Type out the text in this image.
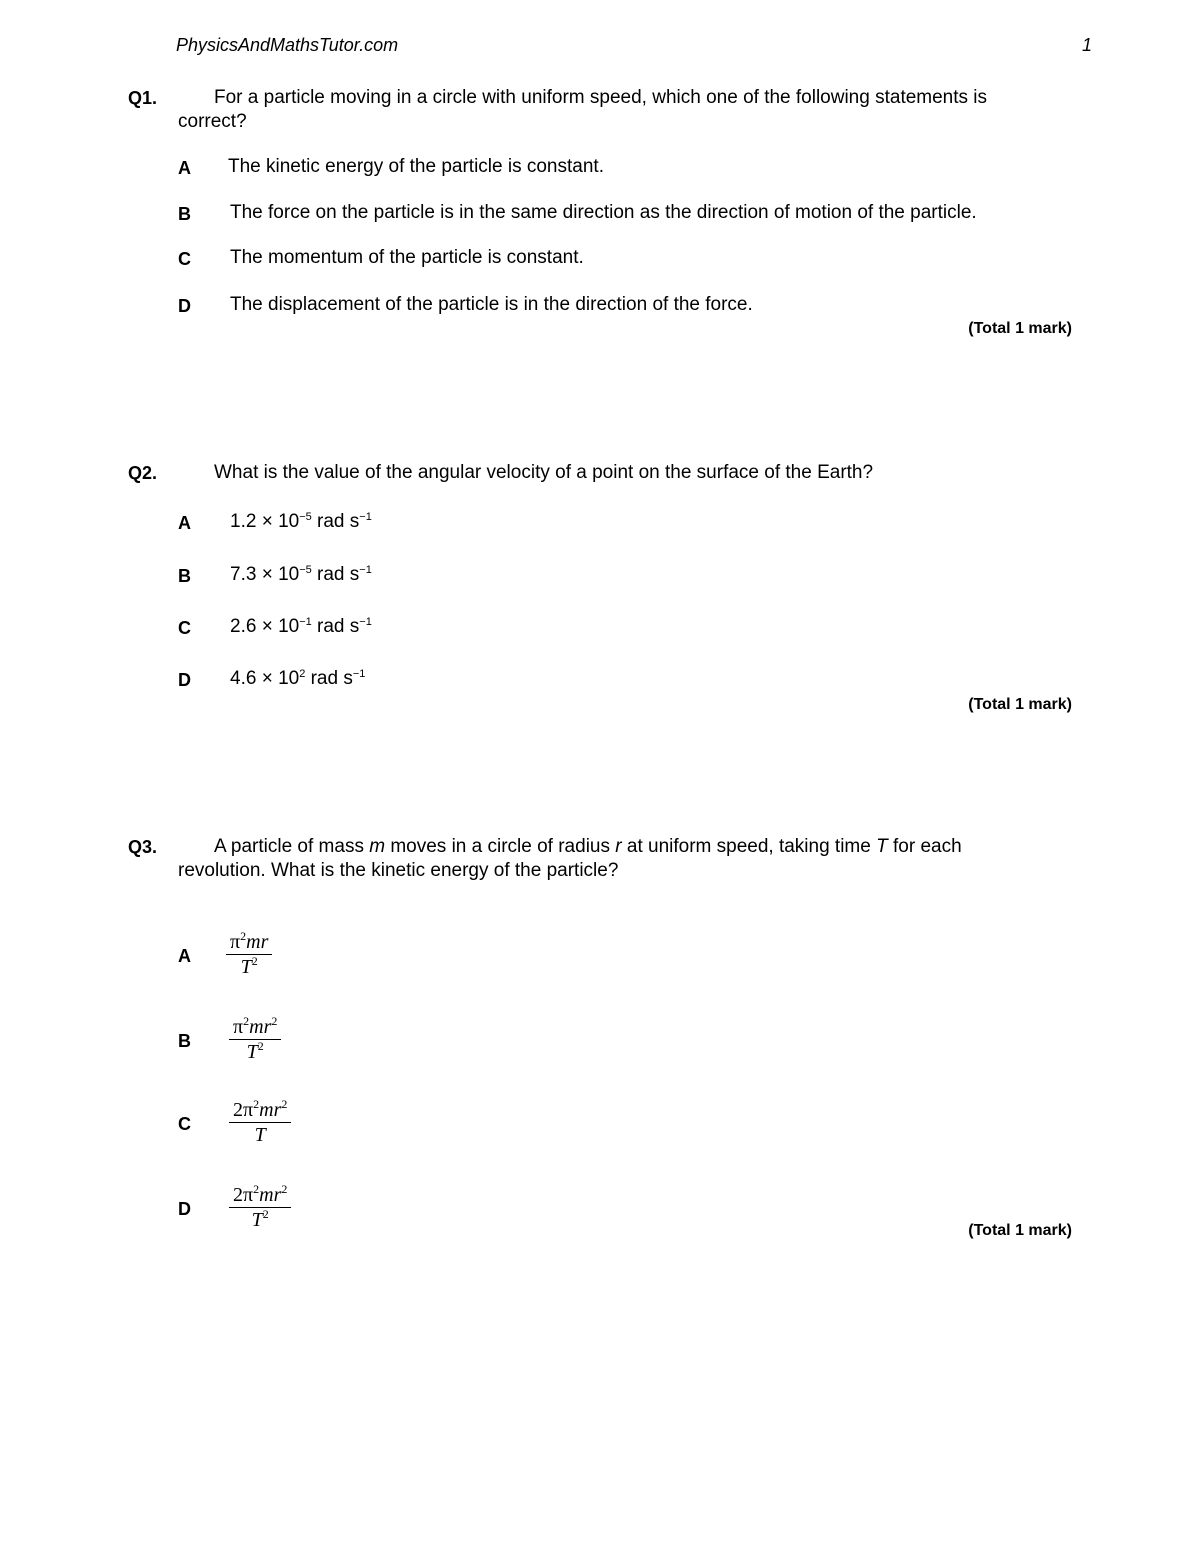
PhysicsAndMathsTutor.com	1
Q1.	For a particle moving in a circle with uniform speed, which one of the following statements is
correct?
A The kinetic energy of the particle is constant.
B The force on the particle is in the same direction as the direction of motion of the particle.
C The momentum of the particle is constant.
D The displacement of the particle is in the direction of the force.
(Total 1 mark)
Q2.	What is the value of the angular velocity of a point on the surface of the Earth?
A $1.2 \times 10^{-5}$ rad $s^{-1}$
B $7.3 \times 10^{-5}$ rad $s^{-1}$
C $2.6 \times 10^{-1}$ rad $s^{-1}$
D $4.6 \times 10^2$ rad $s^{-1}$
(Total 1 mark)
Q3.	A particle of mass m moves in a circle of radius r at uniform speed, taking time T for each
revolution. What is the kinetic energy of the particle?
A $\frac{\pi^2mr}{T^2}$
B $\frac{\pi^2mr^2}{T^2}$
C $\frac{2\pi^2mr^2}{T}$
D $\frac{2\pi^2mr^2}{T^2}$	(Total 1 mark)
